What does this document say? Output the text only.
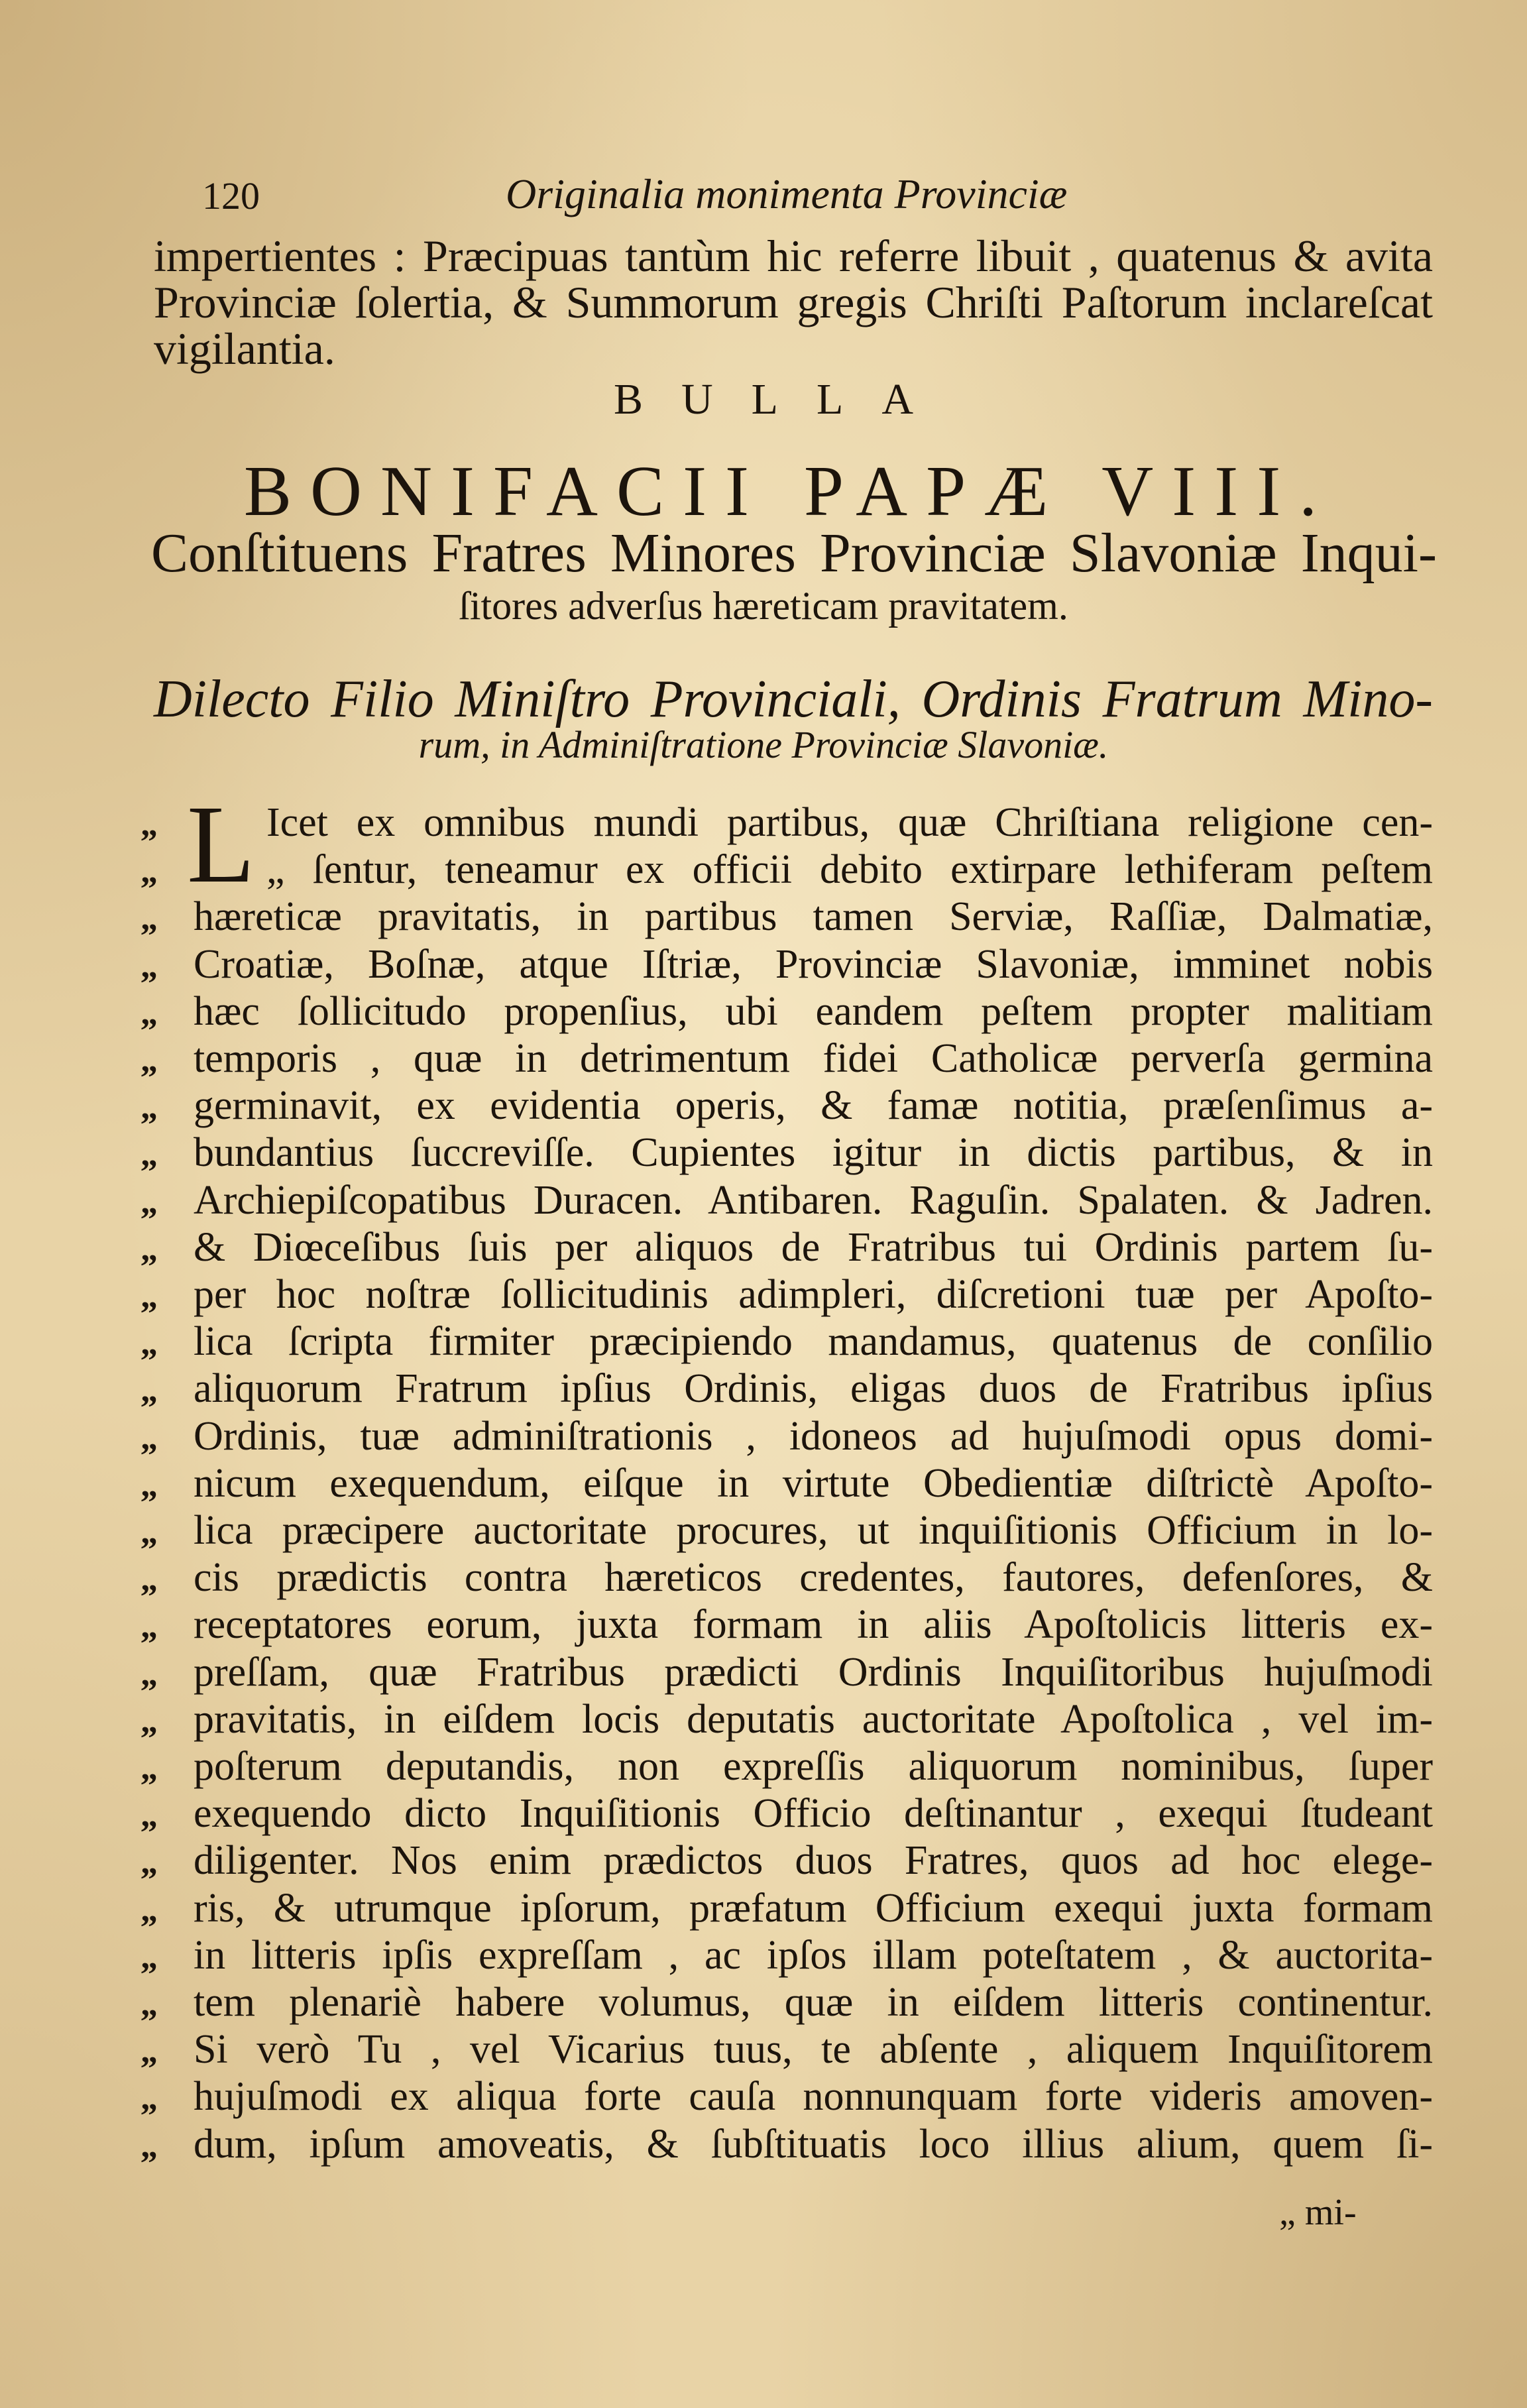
120	Originalia monimenta Provinciæ
impertientes : Præcipuas tantùm hic referre libuit , quatenus & avita
Provinciæ ſolertia, & Summorum gregis Chriſti Paſtorum inclareſcat
vigilantia.
BULLA
BONIFACII PAPÆ VIII.
Conſtituens Fratres Minores Provinciæ Slavoniæ Inqui-
ſitores adverſus hæreticam pravitatem.
Dilecto Filio Miniſtro Provinciali, Ordinis Fratrum Mino-
rum, in Adminiſtratione Provinciæ Slavoniæ.
L
„	Icet ex omnibus mundi partibus, quæ Chriſtiana religione cen-
„	„ ſentur, teneamur ex officii debito extirpare lethiferam peſtem
„ hæreticæ pravitatis, in partibus tamen Serviæ, Raſſiæ, Dalmatiæ,
„ Croatiæ, Boſnæ, atque Iſtriæ, Provinciæ Slavoniæ, imminet nobis
„ hæc ſollicitudo propenſius, ubi eandem peſtem propter malitiam
„ temporis , quæ in detrimentum fidei Catholicæ perverſa germina
„ germinavit, ex evidentia operis, & famæ notitia, præſenſimus a-
„ bundantius ſuccreviſſe. Cupientes igitur in dictis partibus, & in
„ Archiepiſcopatibus Duracen. Antibaren. Raguſin. Spalaten. & Jadren.
„ & Diœceſibus ſuis per aliquos de Fratribus tui Ordinis partem ſu-
„ per hoc noſtræ ſollicitudinis adimpleri, diſcretioni tuæ per Apoſto-
„ lica ſcripta firmiter præcipiendo mandamus, quatenus de conſilio
„ aliquorum Fratrum ipſius Ordinis, eligas duos de Fratribus ipſius
„ Ordinis, tuæ adminiſtrationis , idoneos ad hujuſmodi opus domi-
„ nicum exequendum, eiſque in virtute Obedientiæ diſtrictè Apoſto-
„ lica præcipere auctoritate procures, ut inquiſitionis Officium in lo-
„ cis prædictis contra hæreticos credentes, fautores, defenſores, &
„ receptatores eorum, juxta formam in aliis Apoſtolicis litteris ex-
„ preſſam, quæ Fratribus prædicti Ordinis Inquiſitoribus hujuſmodi
„ pravitatis, in eiſdem locis deputatis auctoritate Apoſtolica , vel im-
„ poſterum deputandis, non expreſſis aliquorum nominibus, ſuper
„ exequendo dicto Inquiſitionis Officio deſtinantur , exequi ſtudeant
„ diligenter. Nos enim prædictos duos Fratres, quos ad hoc elege-
„ ris, & utrumque ipſorum, præfatum Officium exequi juxta formam
„ in litteris ipſis expreſſam , ac ipſos illam poteſtatem , & auctorita-
„ tem plenariè habere volumus, quæ in eiſdem litteris continentur.
„ Si verò Tu , vel Vicarius tuus, te abſente , aliquem Inquiſitorem
„ hujuſmodi ex aliqua forte cauſa nonnunquam forte videris amoven-
„ dum, ipſum amoveatis, & ſubſtituatis loco illius alium, quem ſi-
„ mi-
